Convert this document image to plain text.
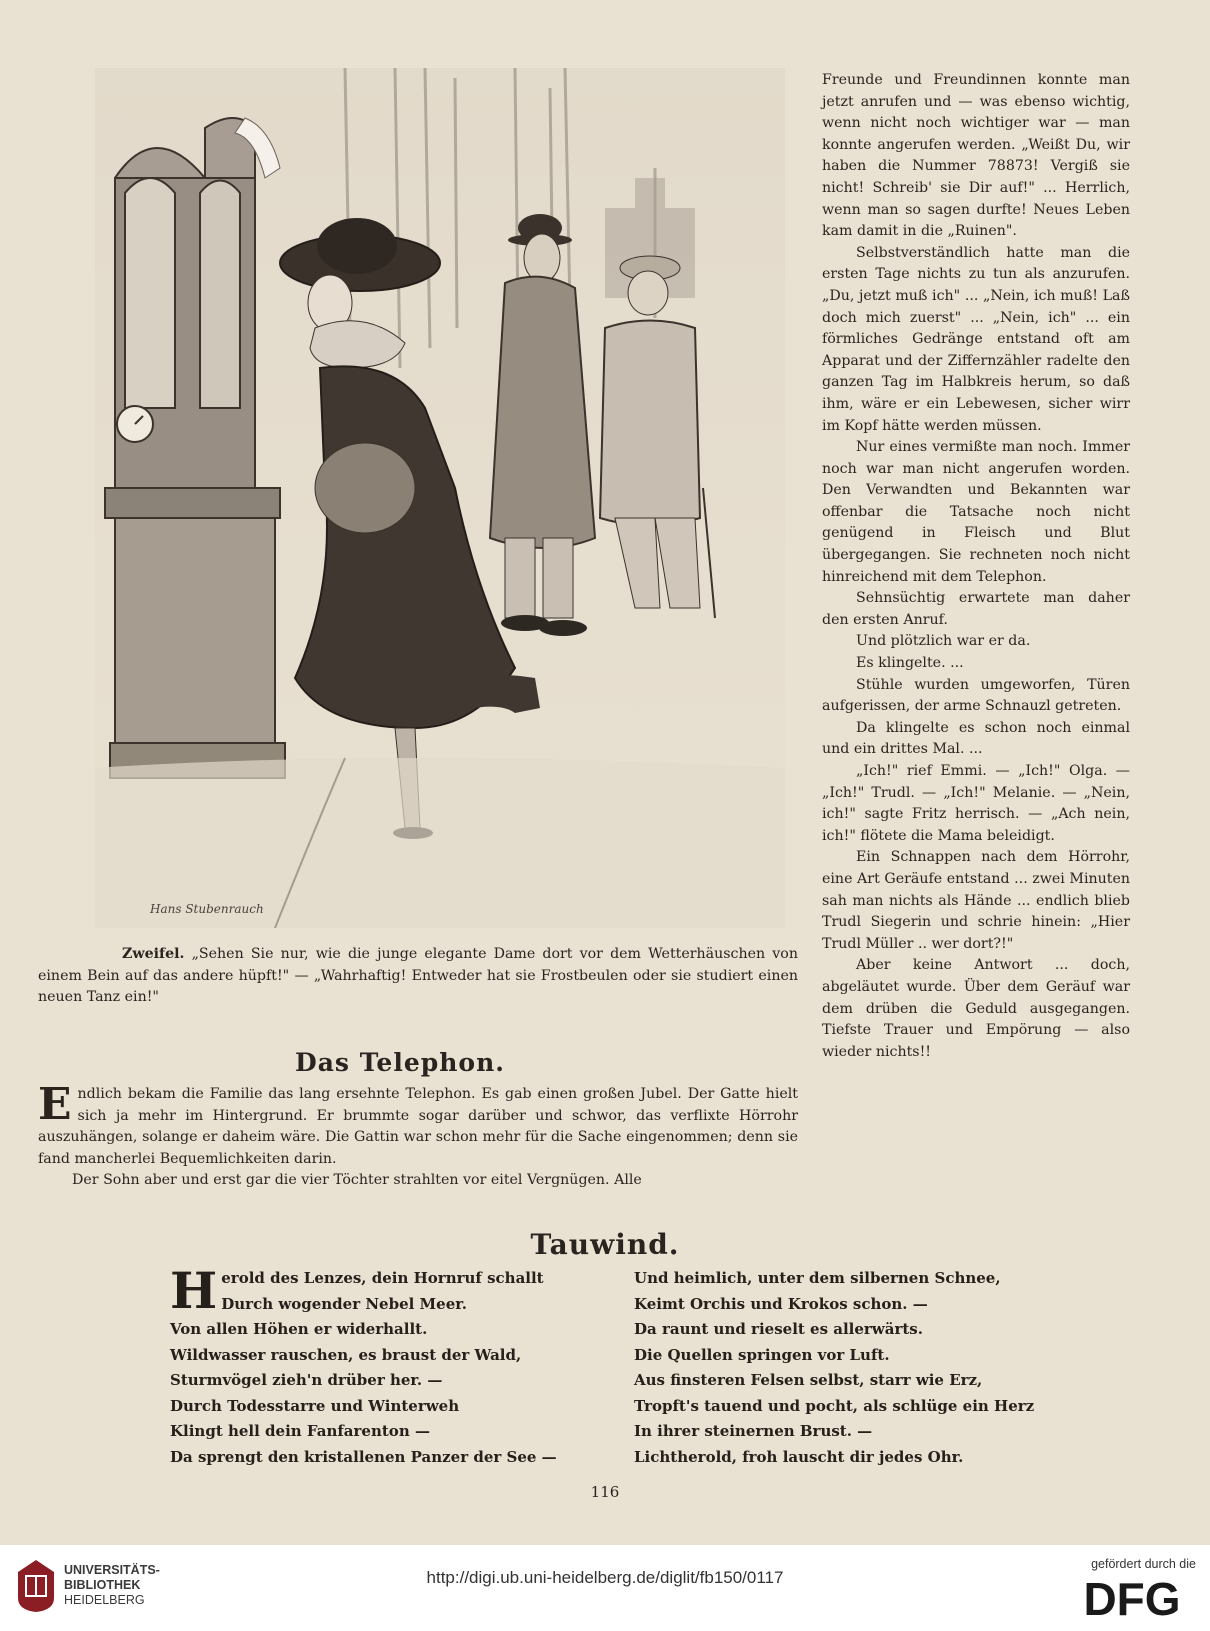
Hans Stubenrauch

Freunde und Freundinnen konnte man jetzt anrufen und — was ebenso wichtig, wenn nicht noch wichtiger war — man konnte angerufen werden. „Weißt Du, wir haben die Nummer 78873! Vergiß sie nicht! Schreib' sie Dir auf!" ... Herrlich, wenn man so sagen durfte! Neues Leben kam damit in die „Ruinen".

Selbstverständlich hatte man die ersten Tage nichts zu tun als anzurufen. „Du, jetzt muß ich" ... „Nein, ich muß! Laß doch mich zuerst" ... „Nein, ich" ... ein förmliches Gedränge entstand oft am Apparat und der Ziffernzähler radelte den ganzen Tag im Halbkreis herum, so daß ihm, wäre er ein Lebewesen, sicher wirr im Kopf hätte werden müssen.

Nur eines vermißte man noch. Immer noch war man nicht angerufen worden. Den Verwandten und Bekannten war offenbar die Tatsache noch nicht genügend in Fleisch und Blut übergegangen. Sie rechneten noch nicht hinreichend mit dem Telephon.

Sehnsüchtig erwartete man daher den ersten Anruf.

Und plötzlich war er da.

Es klingelte. ...

Stühle wurden umgeworfen, Türen aufgerissen, der arme Schnauzl getreten.

Da klingelte es schon noch einmal und ein drittes Mal. ...

„Ich!" rief Emmi. — „Ich!" Olga. — „Ich!" Trudl. — „Ich!" Melanie. — „Nein, ich!" sagte Fritz herrisch. — „Ach nein, ich!" flötete die Mama beleidigt.

Ein Schnappen nach dem Hörrohr, eine Art Geräufe entstand ... zwei Minuten sah man nichts als Hände ... endlich blieb Trudl Siegerin und schrie hinein: „Hier Trudl Müller .. wer dort?!"

Aber keine Antwort ... doch, abgeläutet wurde. Über dem Geräuf war dem drüben die Geduld ausgegangen. Tiefste Trauer und Empörung — also wieder nichts!!

Zweifel. „Sehen Sie nur, wie die junge elegante Dame dort vor dem Wetterhäuschen von einem Bein auf das andere hüpft!" — „Wahrhaftig! Entweder hat sie Frostbeulen oder sie studiert einen neuen Tanz ein!"
Das Telephon.

Endlich bekam die Familie das lang ersehnte Telephon. Es gab einen großen Jubel. Der Gatte hielt sich ja mehr im Hintergrund. Er brummte sogar darüber und schwor, das verflixte Hörrohr auszuhängen, solange er daheim wäre. Die Gattin war schon mehr für die Sache eingenommen; denn sie fand mancherlei Bequemlichkeiten darin.

Der Sohn aber und erst gar die vier Töchter strahlten vor eitel Vergnügen. Alle

Tauwind.
H erold des Lenzes, dein Hornruf schallt
Durch wogender Nebel Meer.
Von allen Höhen er widerhallt.
Wildwasser rauschen, es braust der Wald,
Sturmvögel zieh'n drüber her. —
Durch Todesstarre und Winterweh
Klingt hell dein Fanfarenton —
Da sprengt den kristallenen Panzer der See —
Und heimlich, unter dem silbernen Schnee,
Keimt Orchis und Krokos schon. —
Da raunt und rieselt es allerwärts.
Die Quellen springen vor Luft.
Aus finsteren Felsen selbst, starr wie Erz,
Tropft's tauend und pocht, als schlüge ein Herz
In ihrer steinernen Brust. —
Lichtherold, froh lauscht dir jedes Ohr.
116
UNIVERSITÄTS-
BIBLIOTHEK
HEIDELBERG
http://digi.ub.uni-heidelberg.de/diglit/fb150/0117
gefördert durch die
DFG
